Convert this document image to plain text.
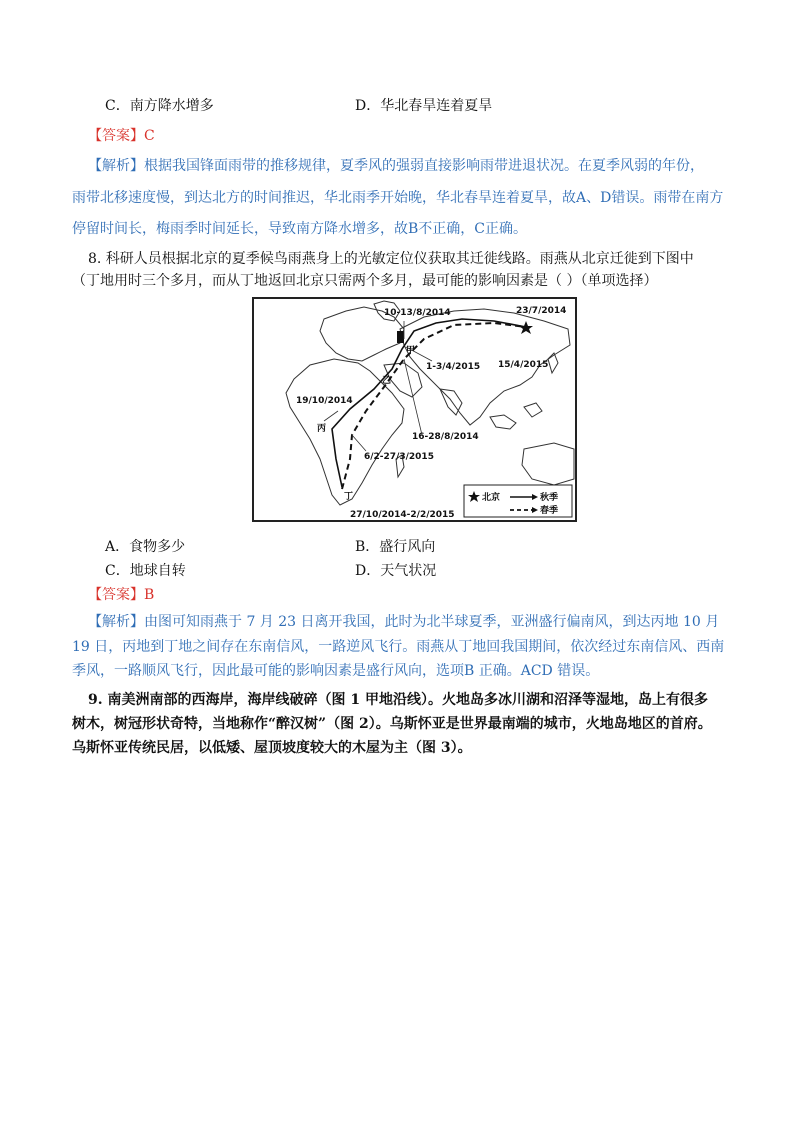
C．南方降水增多	D．华北春旱连着夏旱
【答案】C
【解析】根据我国锋面雨带的推移规律，夏季风的强弱直接影响雨带进退状况。在夏季风弱的年份，
雨带北移速度慢，到达北方的时间推迟，华北雨季开始晚，华北春旱连着夏旱，故A、D错误。雨带在南方
停留时间长，梅雨季时间延长，导致南方降水增多，故B不正确，C正确。
8. 科研人员根据北京的夏季候鸟雨燕身上的光敏定位仪获取其迁徙线路。雨燕从北京迁徙到下图中
（丁地用时三个多月，而从丁地返回北京只需两个多月，最可能的影响因素是（ ）（单项选择）
10-13/8/2014	23/7/2014
1-3/4/2015 15/4/2015
19/10/2014
16-28/8/2014
6/2-27/3/2015
27/10/2014-2/2/2015
甲
乙
丙
丁	北京	秋季
春季
A．食物多少	B．盛行风向
C．地球自转	D．天气状况
【答案】B
【解析】由图可知雨燕于 7 月 23 日离开我国，此时为北半球夏季，亚洲盛行偏南风，到达丙地 10 月
19 日，丙地到丁地之间存在东南信风，一路逆风飞行。雨燕从丁地回我国期间，依次经过东南信风、西南
季风，一路顺风飞行，因此最可能的影响因素是盛行风向，选项B 正确。ACD 错误。
9. 南美洲南部的西海岸，海岸线破碎（图 1 甲地沿线）。火地岛多冰川湖和沼泽等湿地，岛上有很多
树木，树冠形状奇特，当地称作“醉汉树”（图 2）。乌斯怀亚是世界最南端的城市，火地岛地区的首府。
乌斯怀亚传统民居，以低矮、屋顶坡度较大的木屋为主（图 3）。
